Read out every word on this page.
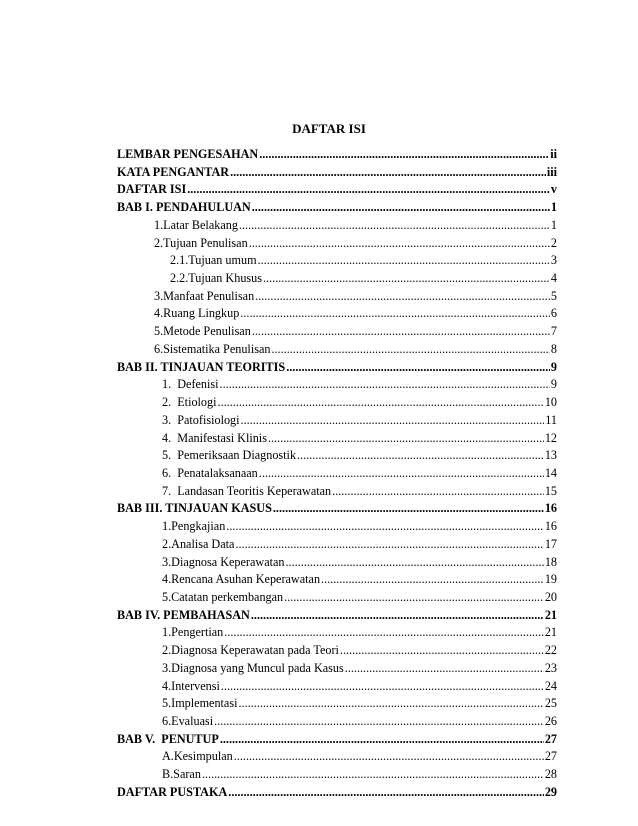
DAFTAR ISI
LEMBAR PENGESAHAN .....	ii
KATA PENGANTAR .....	iii
DAFTAR ISI .....	v
BAB I. PENDAHULUAN .....	1
1.Latar Belakang .....	1
2.Tujuan Penulisan .....	2
2.1.Tujuan umum .....	3
2.2.Tujuan Khusus .....	4
3.Manfaat Penulisan .....	5
4.Ruang Lingkup .....	6
5.Metode Penulisan .....	7
6.Sistematika Penulisan .....	8
BAB II. TINJAUAN TEORITIS .....	9
1.  Defenisi .....	9
2.  Etiologi .....	10
3.  Patofisiologi .....	11
4.  Manifestasi Klinis .....	12
5.  Pemeriksaan Diagnostik .....	13
6.  Penatalaksanaan .....	14
7.  Landasan Teoritis Keperawatan .....	15
BAB III. TINJAUAN KASUS .....	16
1.Pengkajian .....	16
2.Analisa Data .....	17
3.Diagnosa Keperawatan .....	18
4.Rencana Asuhan Keperawatan .....	19
5.Catatan perkembangan .....	20
BAB IV. PEMBAHASAN .....	21
1.Pengertian .....	21
2.Diagnosa Keperawatan pada Teori .....	22
3.Diagnosa yang Muncul pada Kasus .....	23
4.Intervensi .....	24
5.Implementasi .....	25
6.Evaluasi .....	26
BAB V.  PENUTUP .....	27
A.Kesimpulan .....	27
B.Saran .....	28
DAFTAR PUSTAKA .....	29
